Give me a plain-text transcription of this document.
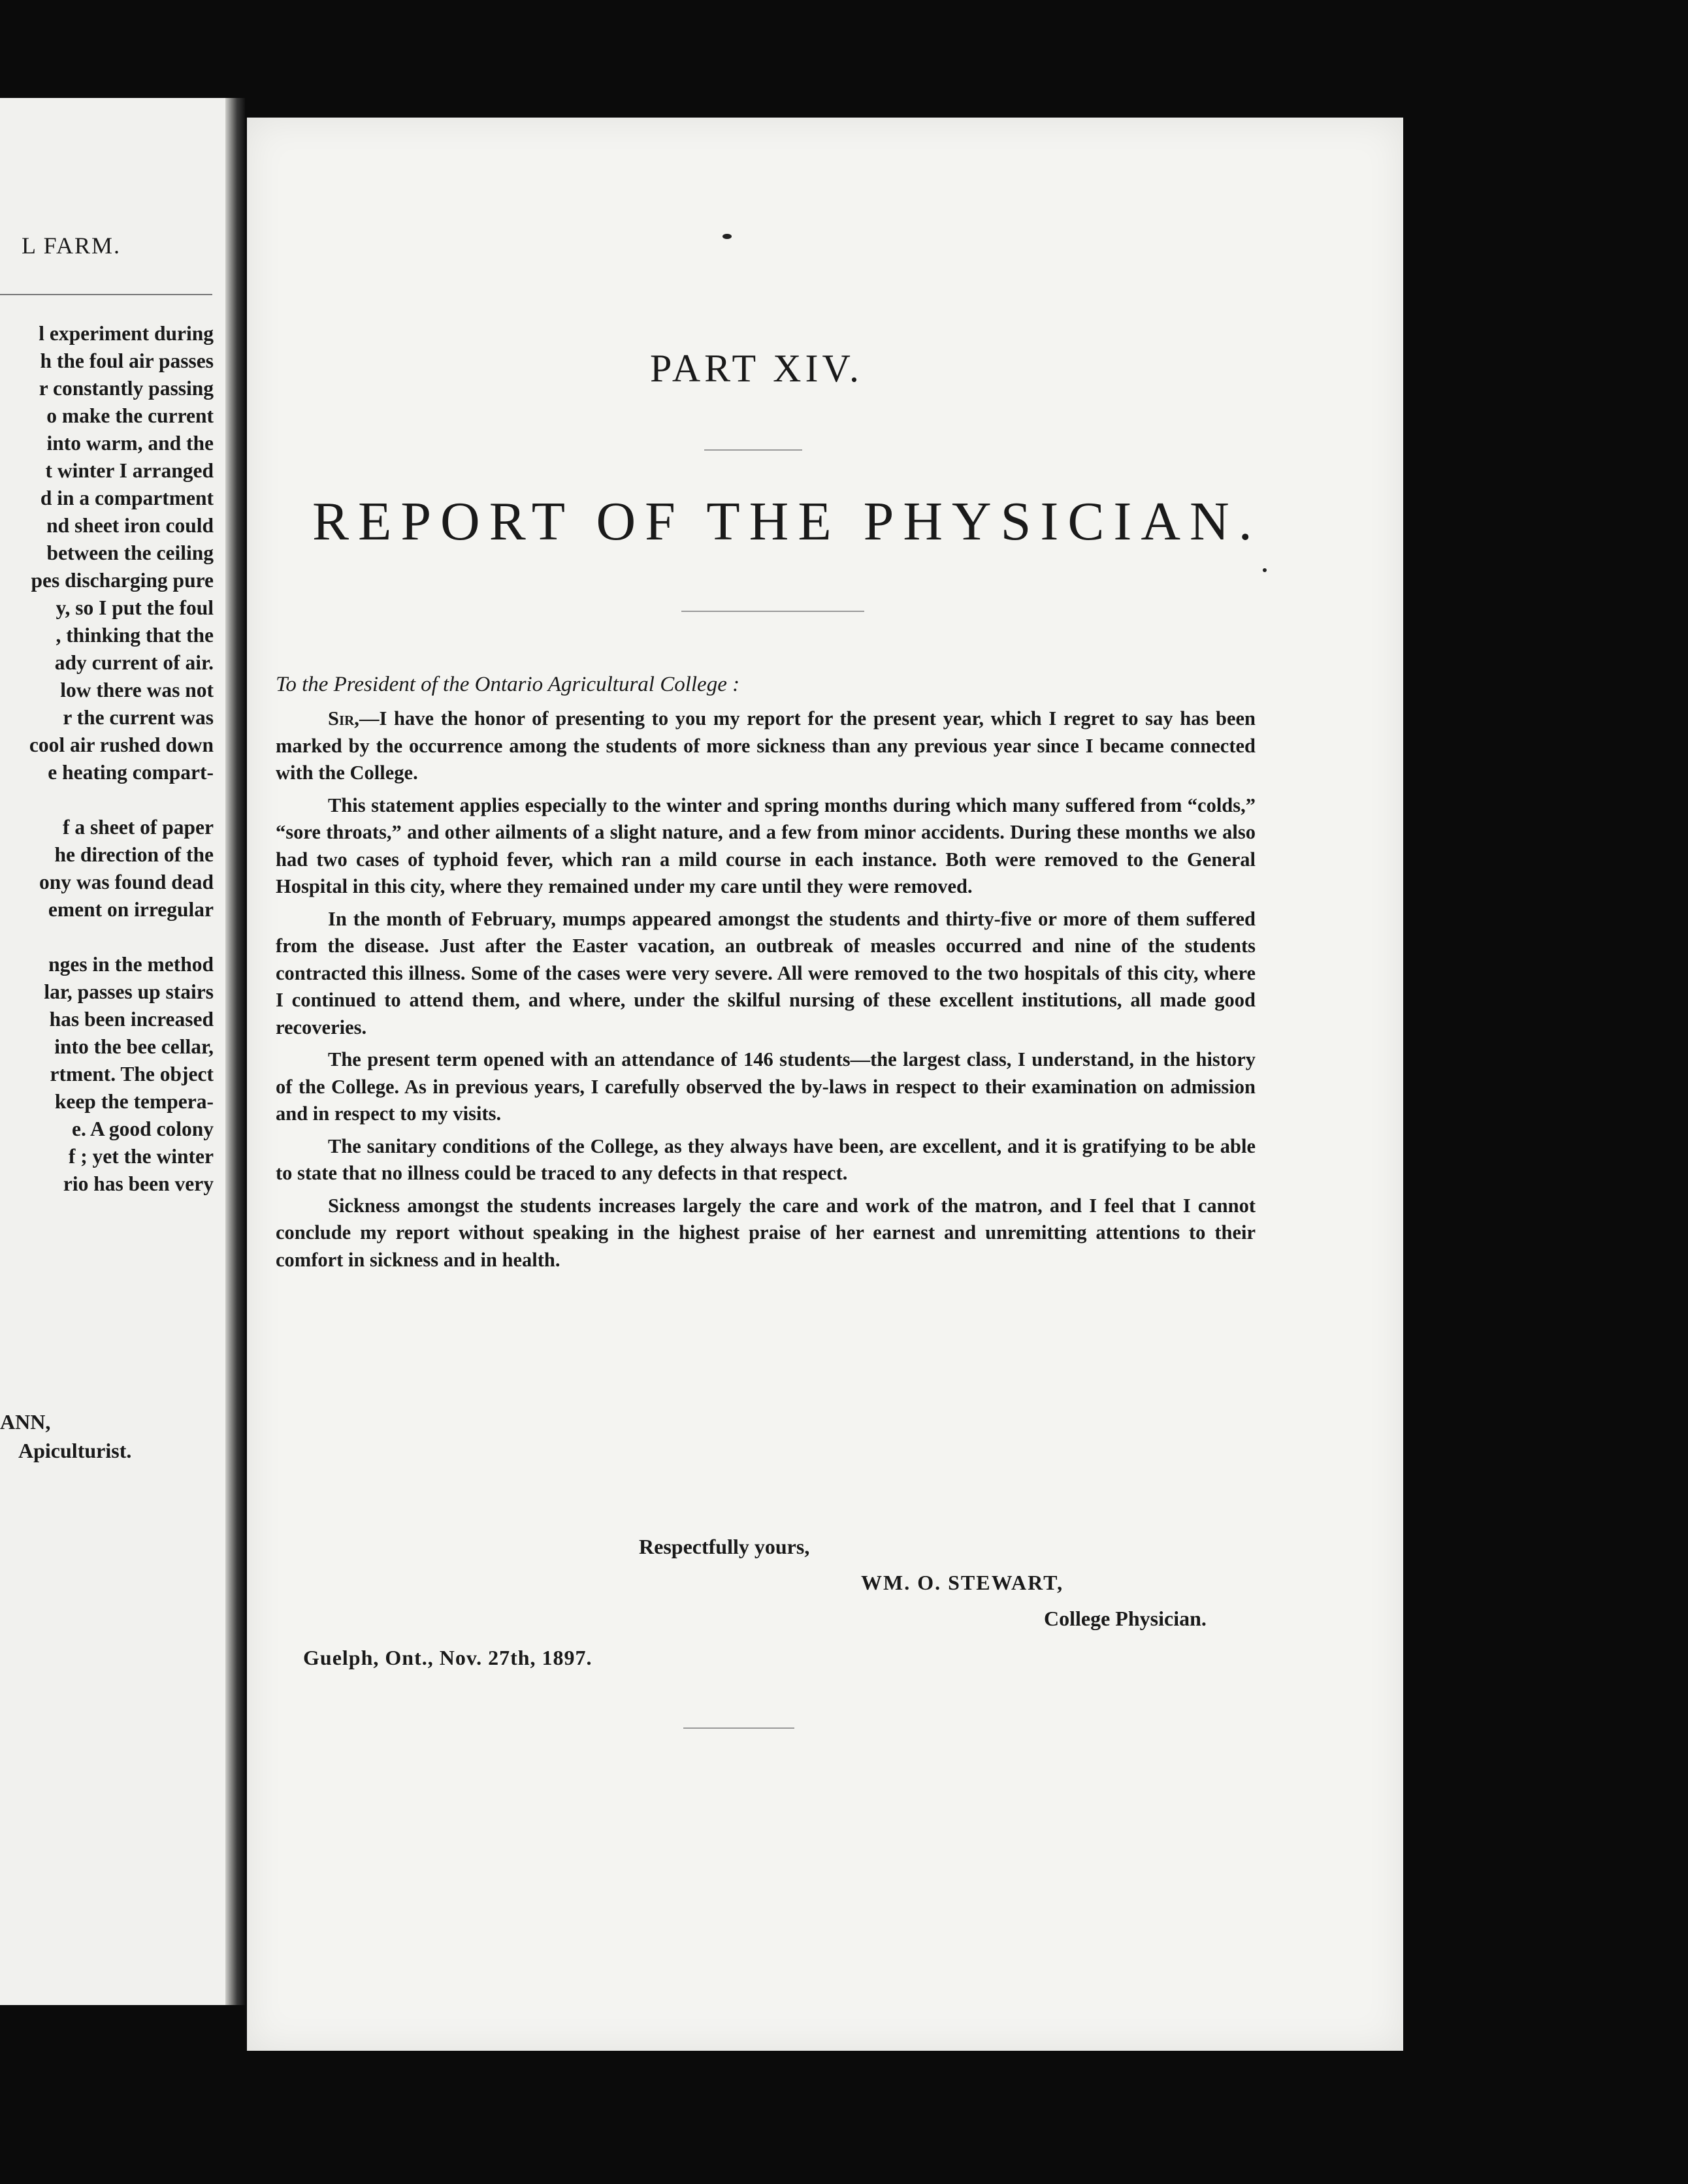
L FARM.
l experiment during
h the foul air passes
r constantly passing
o make the current
into warm, and the
t winter I arranged
d in a compartment
nd sheet iron could
between the ceiling
pes discharging pure
y, so I put the foul
, thinking that the
ady current of air.
low there was not
r the current was
cool air rushed down
e heating compart-
f a sheet of paper
he direction of the
ony was found dead
ement on irregular
nges in the method
lar, passes up stairs
has been increased
into the bee cellar,
rtment. The object
keep the tempera-
e. A good colony
f ; yet the winter
rio has been very
ANN,
Apiculturist.
PART XIV.
REPORT OF THE PHYSICIAN.
To the President of the Ontario Agricultural College :

Sir,—I have the honor of presenting to you my report for the present year, which I regret to say has been marked by the occurrence among the students of more sickness than any previous year since I became connected with the College.

This statement applies especially to the winter and spring months during which many suffered from “colds,” “sore throats,” and other ailments of a slight nature, and a few from minor accidents. During these months we also had two cases of typhoid fever, which ran a mild course in each instance. Both were removed to the General Hospital in this city, where they remained under my care until they were removed.

In the month of February, mumps appeared amongst the students and thirty-five or more of them suffered from the disease. Just after the Easter vacation, an outbreak of measles occurred and nine of the students contracted this illness. Some of the cases were very severe. All were removed to the two hospitals of this city, where I continued to attend them, and where, under the skilful nursing of these excellent institutions, all made good recoveries.

The present term opened with an attendance of 146 students—the largest class, I understand, in the history of the College. As in previous years, I carefully observed the by-laws in respect to their examination on admission and in respect to my visits.

The sanitary conditions of the College, as they always have been, are excellent, and it is gratifying to be able to state that no illness could be traced to any defects in that respect.

Sickness amongst the students increases largely the care and work of the matron, and I feel that I cannot conclude my report without speaking in the highest praise of her earnest and unremitting attentions to their comfort in sickness and in health.

Respectfully yours,
WM. O. STEWART,
College Physician.
Guelph, Ont., Nov. 27th, 1897.
